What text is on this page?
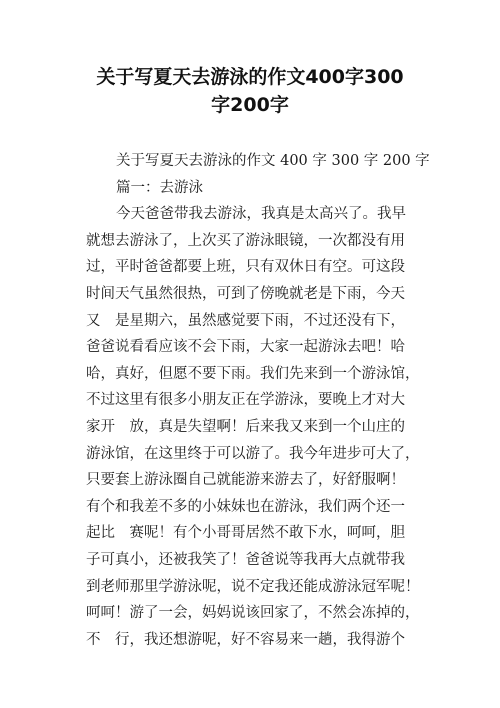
关于写夏天去游泳的作文400字300
字200字
关于写夏天去游泳的作文 400 字 300 字 200 字
篇一：去游泳
今天爸爸带我去游泳，我真是太高兴了。我早
就想去游泳了，上次买了游泳眼镜，一次都没有用
过，平时爸爸都要上班，只有双休日有空。可这段
时间天气虽然很热，可到了傍晚就老是下雨，今天
又　是星期六，虽然感觉要下雨，不过还没有下，
爸爸说看看应该不会下雨，大家一起游泳去吧！哈
哈，真好，但愿不要下雨。我们先来到一个游泳馆，
不过这里有很多小朋友正在学游泳，要晚上才对大
家开　放，真是失望啊！后来我又来到一个山庄的
游泳馆，在这里终于可以游了。我今年进步可大了，
只要套上游泳圈自己就能游来游去了，好舒服啊！
有个和我差不多的小妹妹也在游泳，我们两个还一
起比　赛呢！有个小哥哥居然不敢下水，呵呵，胆
子可真小，还被我笑了！爸爸说等我再大点就带我
到老师那里学游泳呢，说不定我还能成游泳冠军呢！
呵呵！游了一会，妈妈说该回家了，不然会冻掉的，
不　行，我还想游呢，好不容易来一趟，我得游个
